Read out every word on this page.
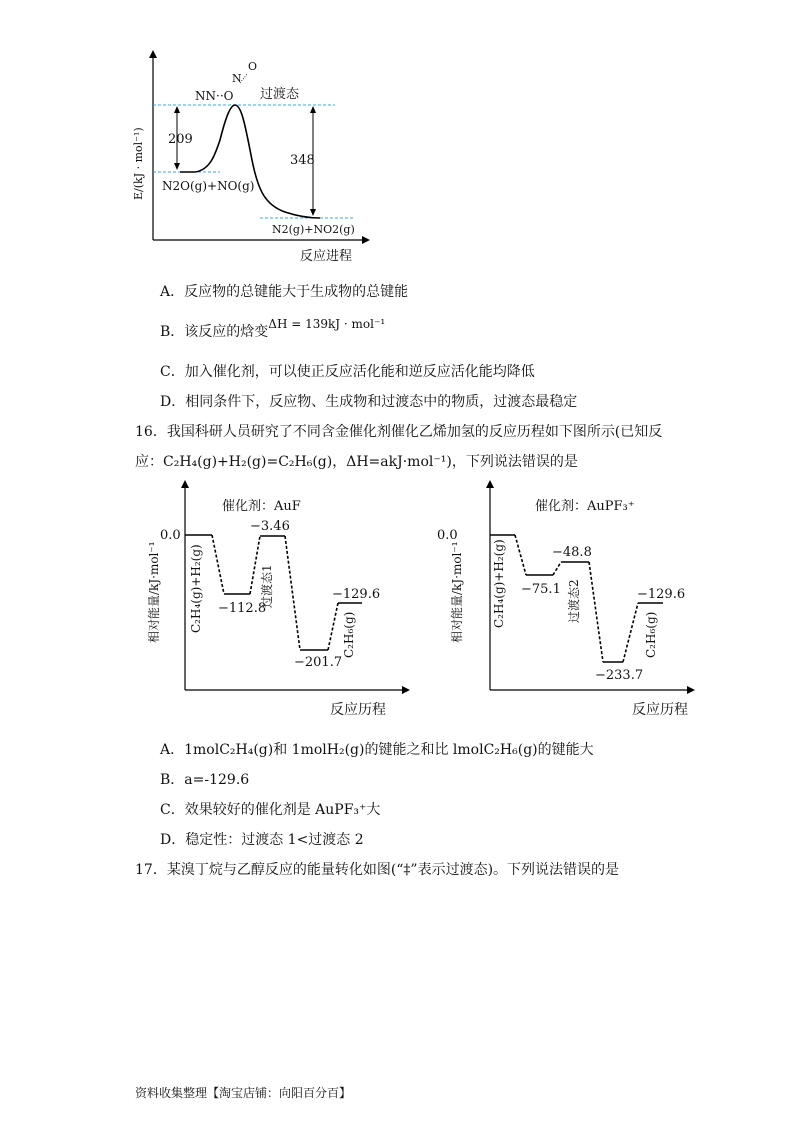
N
O
NN··O 过渡态
209
348
N2O(g)+NO(g)
N2(g)+NO2(g)
E/(kJ · mol⁻¹)
反应进程
A．反应物的总键能大于生成物的总键能
B．该反应的焓变ΔH = 139kJ · mol⁻¹
C．加入催化剂，可以使正反应活化能和逆反应活化能均降低
D．相同条件下，反应物、生成物和过渡态中的物质，过渡态最稳定
16．我国科研人员研究了不同含金催化剂催化乙烯加氢的反应历程如下图所示(已知反
应：C₂H₄(g)+H₂(g)=C₂H₆(g)，ΔH=akJ·mol⁻¹)，下列说法错误的是
催化剂：AuF
0.0
−112.8
−3.46
−201.7
−129.6
C₂H₄(g)+H₂(g)	过渡态1
C₂H₆(g)
相对能量/kJ·mol⁻¹
反应历程
催化剂：AuPF₃⁺
0.0
−75.1
−48.8
−233.7
−129.6
C₂H₄(g)+H₂(g)	过渡态2
C₂H₆(g)
相对能量/kJ·mol⁻¹
反应历程
A．1molC₂H₄(g)和 1molH₂(g)的键能之和比 lmolC₂H₆(g)的键能大
B．a=-129.6
C．效果较好的催化剂是 AuPF₃⁺大
D．稳定性：过渡态 1<过渡态 2
17．某溴丁烷与乙醇反应的能量转化如图(“‡”表示过渡态)。下列说法错误的是
资料收集整理【淘宝店铺：向阳百分百】
